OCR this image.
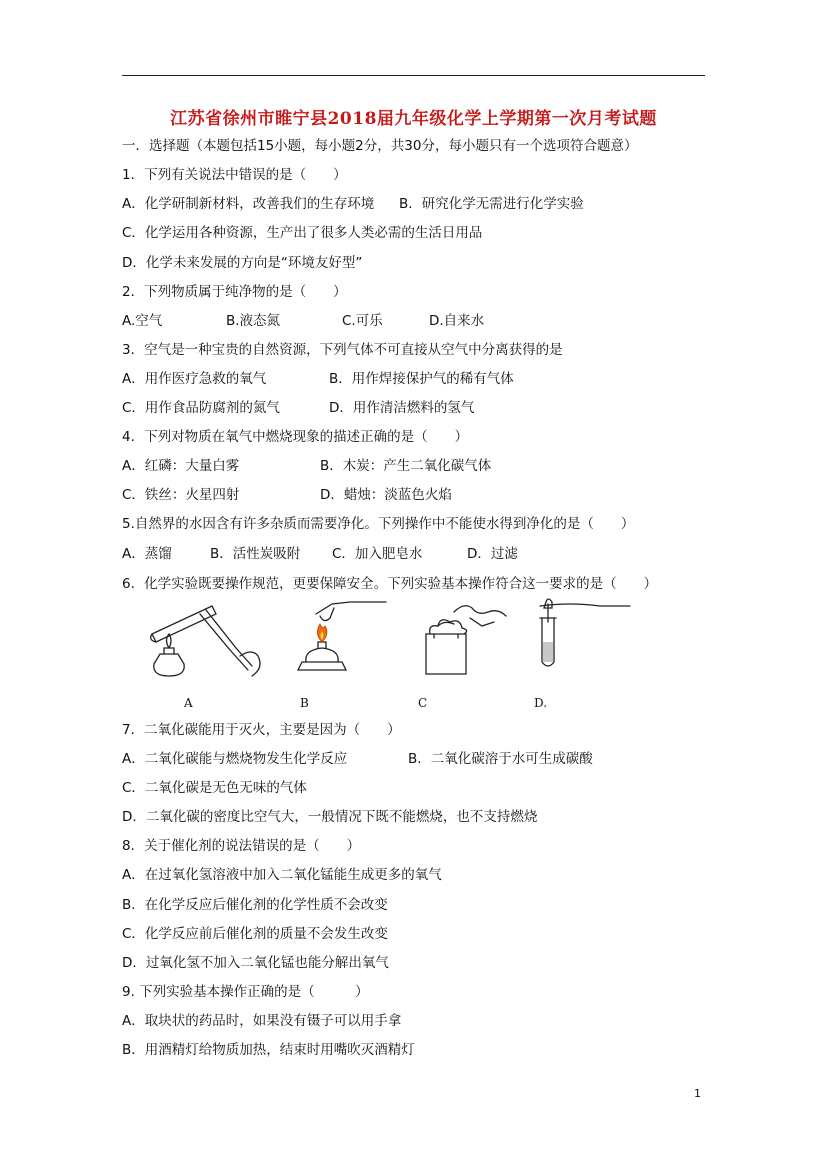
江苏省徐州市睢宁县2018届九年级化学上学期第一次月考试题
一．选择题（本题包括15小题，每小题2分，共30分，每小题只有一个选项符合题意）
1．下列有关说法中错误的是（　　）
A．化学研制新材料，改善我们的生存环境 B．研究化学无需进行化学实验
C．化学运用各种资源，生产出了很多人类必需的生活日用品
D．化学未来发展的方向是“环境友好型”
2．下列物质属于纯净物的是（　　）
A.空气	B.液态氮	C.可乐	D.自来水
3．空气是一种宝贵的自然资源，下列气体不可直接从空气中分离获得的是
A．用作医疗急救的氧气	B．用作焊接保护气的稀有气体
C．用作食品防腐剂的氮气	D．用作清洁燃料的氢气
4．下列对物质在氧气中燃烧现象的描述正确的是（　　）
A．红磷：大量白雾	B．木炭：产生二氧化碳气体
C．铁丝：火星四射	D．蜡烛：淡蓝色火焰
5.自然界的水因含有许多杂质而需要净化。下列操作中不能使水得到净化的是（　　）
A．蒸馏	B．活性炭吸附 C．加入肥皂水	D．过滤
6．化学实验既要操作规范，更要保障安全。下列实验基本操作符合这一要求的是（　　）
A	B	C	D.
7．二氧化碳能用于灭火，主要是因为（　　）
A．二氧化碳能与燃烧物发生化学反应	B．二氧化碳溶于水可生成碳酸
C．二氧化碳是无色无味的气体
D．二氧化碳的密度比空气大，一般情况下既不能燃烧，也不支持燃烧
8．关于催化剂的说法错误的是（　　）
A．在过氧化氢溶液中加入二氧化锰能生成更多的氧气
B．在化学反应后催化剂的化学性质不会改变
C．化学反应前后催化剂的质量不会发生改变
D．过氧化氢不加入二氧化锰也能分解出氧气
9. 下列实验基本操作正确的是（　　　）
A．取块状的药品时，如果没有镊子可以用手拿
B．用酒精灯给物质加热，结束时用嘴吹灭酒精灯
1
